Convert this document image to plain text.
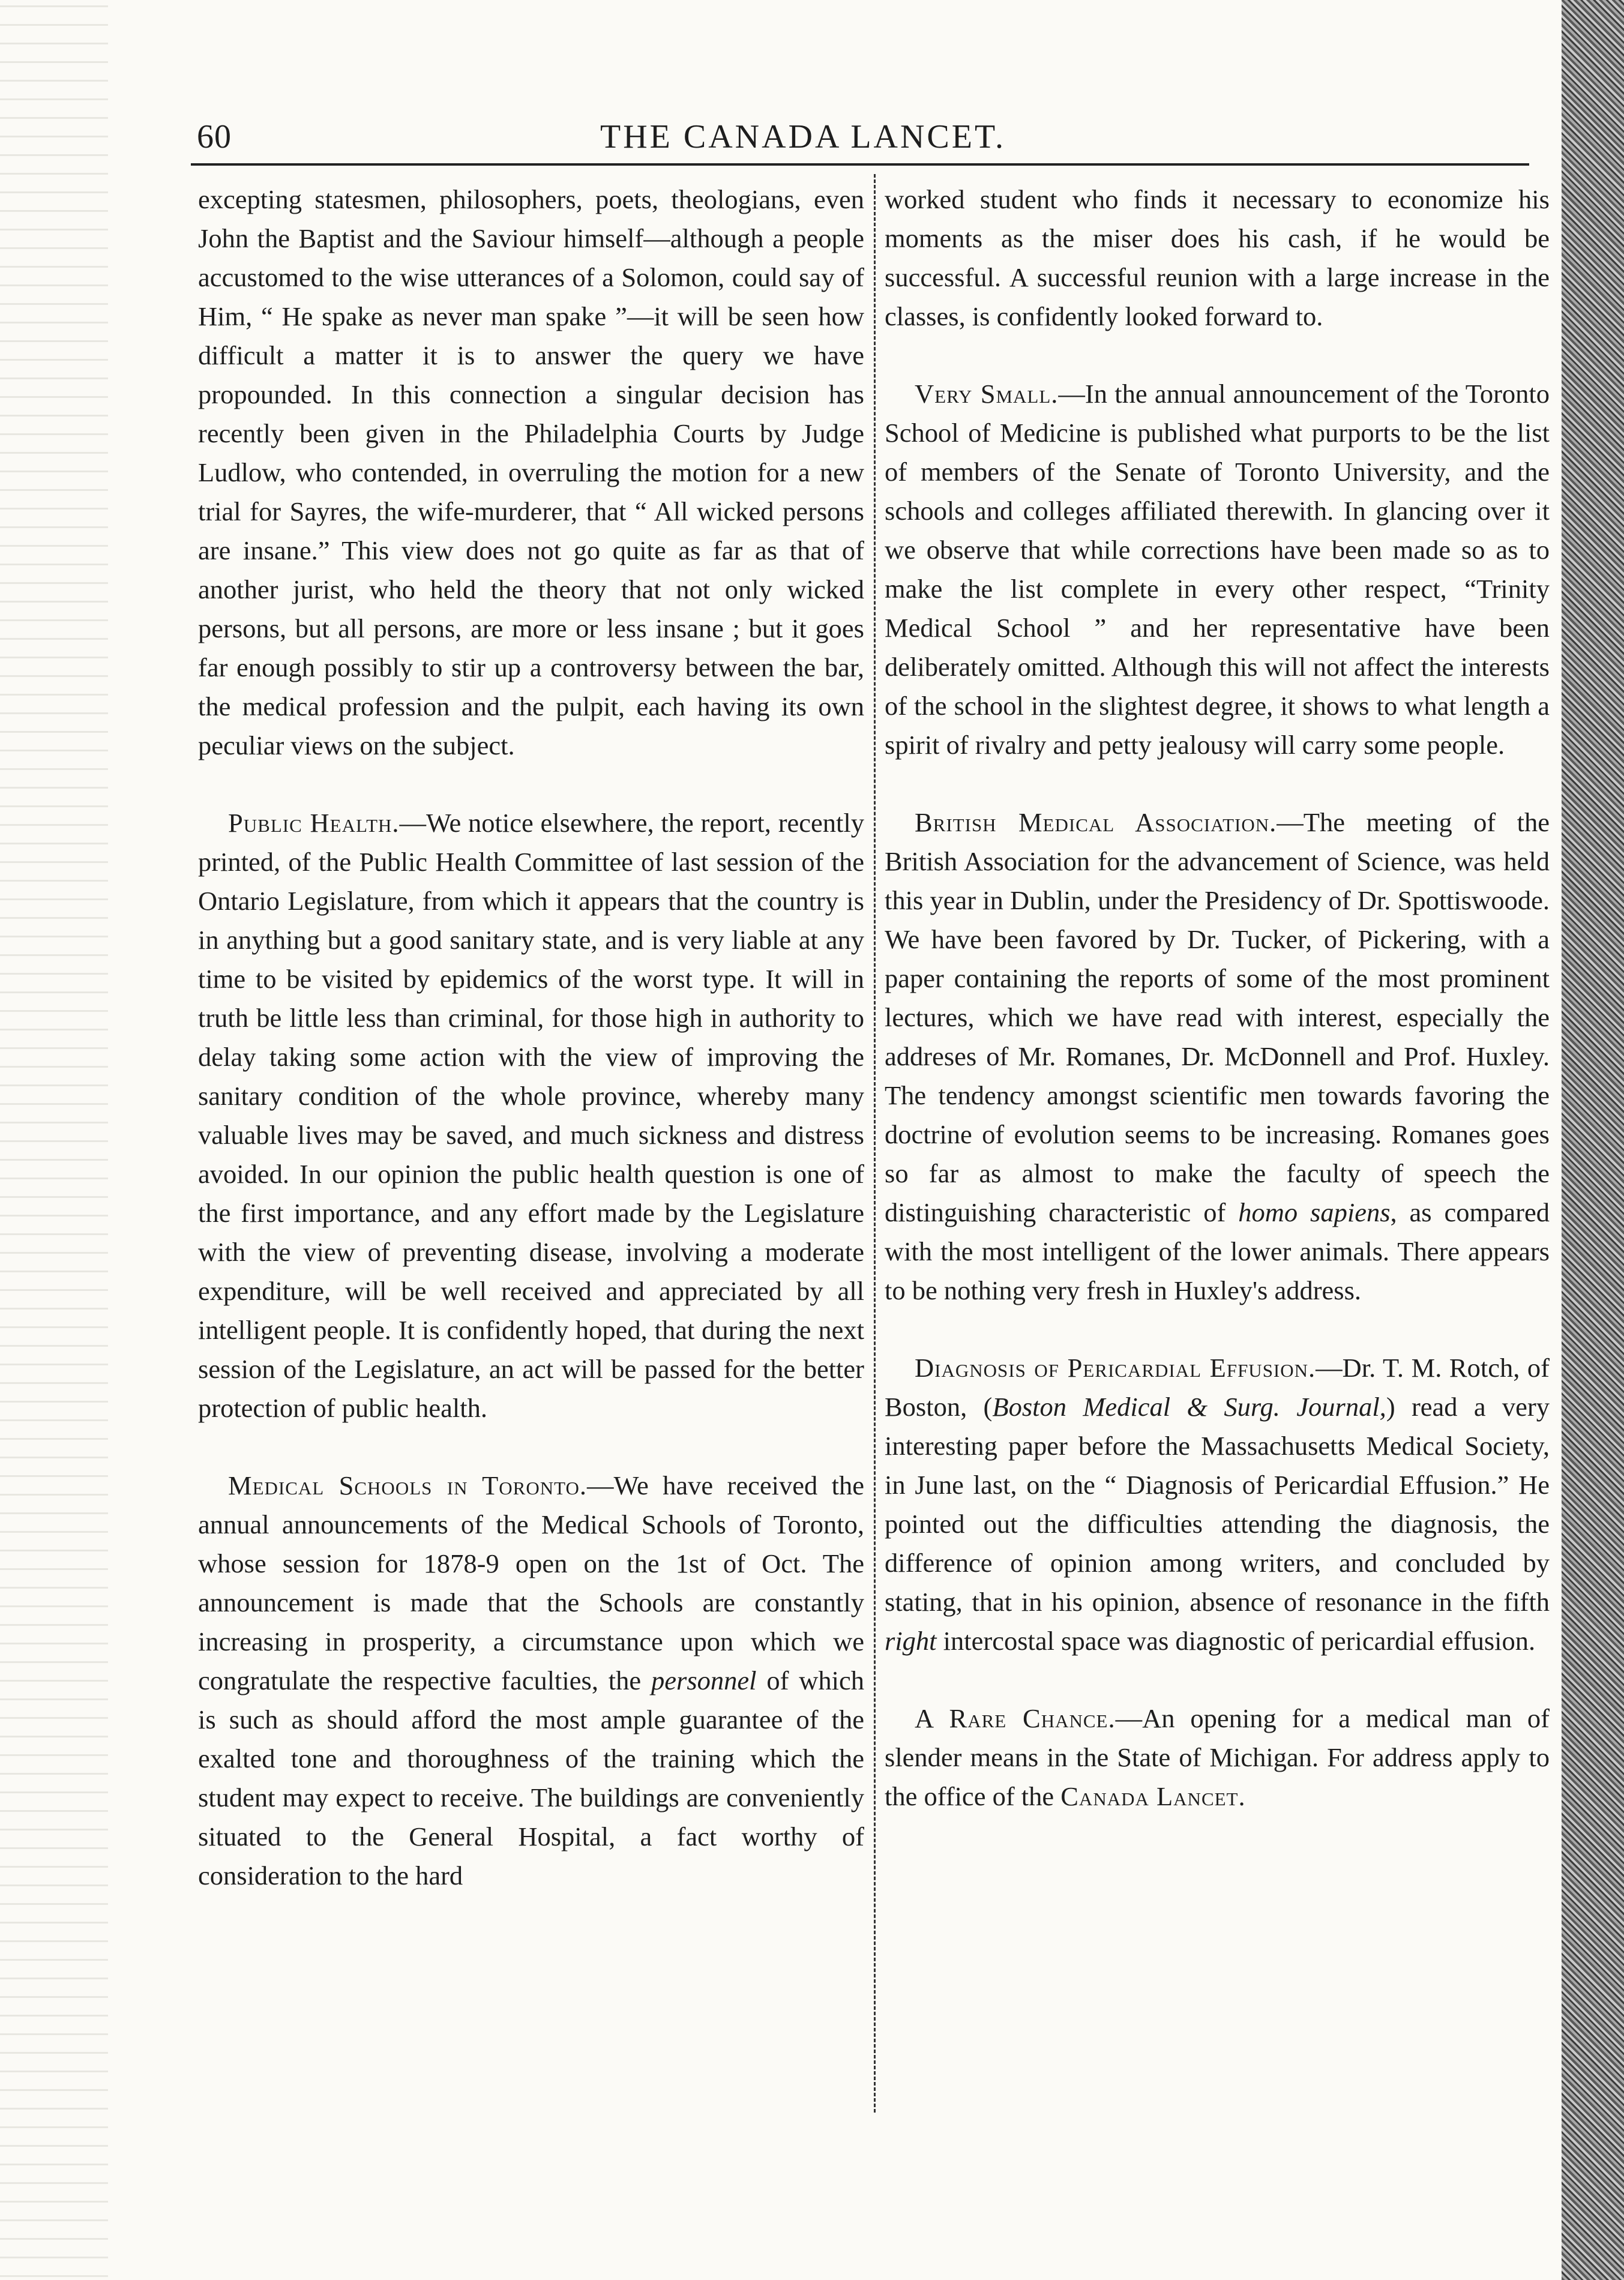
60	THE CANADA LANCET.

excepting statesmen, philosophers, poets, theologians, even John the Baptist and the Saviour himself—although a people accustomed to the wise utterances of a Solomon, could say of Him, “ He spake as never man spake ”—it will be seen how difficult a matter it is to answer the query we have propounded. In this connection a singular decision has recently been given in the Philadelphia Courts by Judge Ludlow, who contended, in overruling the motion for a new trial for Sayres, the wife-murderer, that “ All wicked persons are insane.” This view does not go quite as far as that of another jurist, who held the theory that not only wicked persons, but all persons, are more or less insane ; but it goes far enough possibly to stir up a controversy between the bar, the medical profession and the pulpit, each having its own peculiar views on the subject.

Public Health.—We notice elsewhere, the report, recently printed, of the Public Health Committee of last session of the Ontario Legislature, from which it appears that the country is in anything but a good sanitary state, and is very liable at any time to be visited by epidemics of the worst type. It will in truth be little less than criminal, for those high in authority to delay taking some action with the view of improving the sanitary condition of the whole province, whereby many valuable lives may be saved, and much sickness and distress avoided. In our opinion the public health question is one of the first importance, and any effort made by the Legislature with the view of preventing disease, involving a moderate expenditure, will be well received and appreciated by all intelligent people. It is confidently hoped, that during the next session of the Legislature, an act will be passed for the better protection of public health.

Medical Schools in Toronto.—We have received the annual announcements of the Medical Schools of Toronto, whose session for 1878-9 open on the 1st of Oct. The announcement is made that the Schools are constantly increasing in prosperity, a circumstance upon which we congratulate the respective faculties, the personnel of which is such as should afford the most ample guarantee of the exalted tone and thoroughness of the training which the student may expect to receive. The buildings are conveniently situated to the General Hospital, a fact worthy of consideration to the hard

worked student who finds it necessary to economize his moments as the miser does his cash, if he would be successful. A successful reunion with a large increase in the classes, is confidently looked forward to.

Very Small.—In the annual announcement of the Toronto School of Medicine is published what purports to be the list of members of the Senate of Toronto University, and the schools and colleges affiliated therewith. In glancing over it we observe that while corrections have been made so as to make the list complete in every other respect, “Trinity Medical School ” and her representative have been deliberately omitted. Although this will not affect the interests of the school in the slightest degree, it shows to what length a spirit of rivalry and petty jealousy will carry some people.

British Medical Association.—The meeting of the British Association for the advancement of Science, was held this year in Dublin, under the Presidency of Dr. Spottiswoode. We have been favored by Dr. Tucker, of Pickering, with a paper containing the reports of some of the most prominent lectures, which we have read with interest, especially the addreses of Mr. Romanes, Dr. McDonnell and Prof. Huxley. The tendency amongst scientific men towards favoring the doctrine of evolution seems to be increasing. Romanes goes so far as almost to make the faculty of speech the distinguishing characteristic of homo sapiens, as compared with the most intelligent of the lower animals. There appears to be nothing very fresh in Huxley's address.

Diagnosis of Pericardial Effusion.—Dr. T. M. Rotch, of Boston, (Boston Medical & Surg. Journal,) read a very interesting paper before the Massachusetts Medical Society, in June last, on the “ Diagnosis of Pericardial Effusion.” He pointed out the difficulties attending the diagnosis, the difference of opinion among writers, and concluded by stating, that in his opinion, absence of resonance in the fifth right intercostal space was diagnostic of pericardial effusion.

A Rare Chance.—An opening for a medical man of slender means in the State of Michigan. For address apply to the office of the Canada Lancet.
